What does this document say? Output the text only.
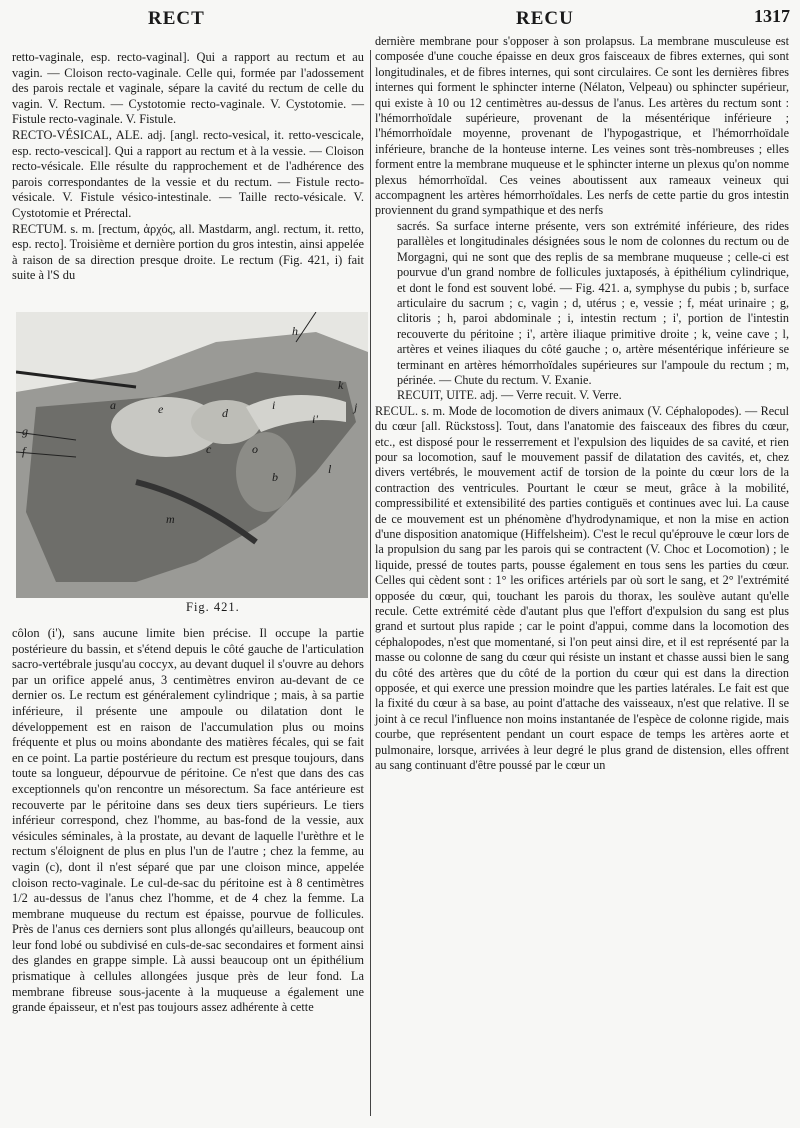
RECT	RECU	1317

retto-vaginale, esp. recto-vaginal]. Qui a rapport au rectum et au vagin. — Cloison recto-vaginale. Celle qui, formée par l'adossement des parois rectale et vaginale, sépare la cavité du rectum de celle du vagin. V. Rectum. — Cystotomie recto-vaginale. V. Cystotomie. — Fistule recto-vaginale. V. Fistule.

RECTO-VÉSICAL, ALE. adj. [angl. recto-vesical, it. retto-vescicale, esp. recto-vescical]. Qui a rapport au rectum et à la vessie. — Cloison recto-vésicale. Elle résulte du rapprochement et de l'adhérence des parois correspondantes de la vessie et du rectum. — Fistule recto-vésicale. V. Fistule vésico-intestinale. — Taille recto-vésicale. V. Cystotomie et Prérectal.

RECTUM. s. m. [rectum, ἀρχός, all. Mastdarm, angl. rectum, it. retto, esp. recto]. Troisième et dernière portion du gros intestin, ainsi appelée à raison de sa direction presque droite. Le rectum (Fig. 421, i) fait suite à l'S du

h
k
j
g
f
a	e	d
i
i'
c
b
o
l
m
Fig. 421.

côlon (i'), sans aucune limite bien précise. Il occupe la partie postérieure du bassin, et s'étend depuis le côté gauche de l'articulation sacro-vertébrale jusqu'au coccyx, au devant duquel il s'ouvre au dehors par un orifice appelé anus, 3 centimètres environ au-devant de ce dernier os. Le rectum est généralement cylindrique ; mais, à sa partie inférieure, il présente une ampoule ou dilatation dont le développement est en raison de l'accumulation plus ou moins fréquente et plus ou moins abondante des matières fécales, qui se fait en ce point. La partie postérieure du rectum est presque toujours, dans toute sa longueur, dépourvue de péritoine. Ce n'est que dans des cas exceptionnels qu'on rencontre un mésorectum. Sa face antérieure est recouverte par le péritoine dans ses deux tiers supérieurs. Le tiers inférieur correspond, chez l'homme, au bas-fond de la vessie, aux vésicules séminales, à la prostate, au devant de laquelle l'urèthre et le rectum s'éloignent de plus en plus l'un de l'autre ; chez la femme, au vagin (c), dont il n'est séparé que par une cloison mince, appelée cloison recto-vaginale. Le cul-de-sac du péritoine est à 8 centimètres 1/2 au-dessus de l'anus chez l'homme, et de 4 chez la femme. La membrane muqueuse du rectum est épaisse, pourvue de follicules. Près de l'anus ces derniers sont plus allongés qu'ailleurs, beaucoup ont leur fond lobé ou subdivisé en culs-de-sac secondaires et forment ainsi des glandes en grappe simple. Là aussi beaucoup ont un épithélium prismatique à cellules allongées jusque près de leur fond. La membrane fibreuse sous-jacente à la muqueuse a également une grande épaisseur, et n'est pas toujours assez adhérente à cette

dernière membrane pour s'opposer à son prolapsus. La membrane musculeuse est composée d'une couche épaisse en deux gros faisceaux de fibres externes, qui sont longitudinales, et de fibres internes, qui sont circulaires. Ce sont les dernières fibres internes qui forment le sphincter interne (Nélaton, Velpeau) ou sphincter supérieur, qui existe à 10 ou 12 centimètres au-dessus de l'anus. Les artères du rectum sont : l'hémorrhoïdale supérieure, provenant de la mésentérique inférieure ; l'hémorrhoïdale moyenne, provenant de l'hypogastrique, et l'hémorrhoïdale inférieure, branche de la honteuse interne. Les veines sont très-nombreuses ; elles forment entre la membrane muqueuse et le sphincter interne un plexus qu'on nomme plexus hémorrhoïdal. Ces veines aboutissent aux rameaux veineux qui accompagnent les artères hémorrhoïdales. Les nerfs de cette partie du gros intestin proviennent du grand sympathique et des nerfs

sacrés. Sa surface interne présente, vers son extrémité inférieure, des rides parallèles et longitudinales désignées sous le nom de colonnes du rectum ou de Morgagni, qui ne sont que des replis de sa membrane muqueuse ; celle-ci est pourvue d'un grand nombre de follicules juxtaposés, à épithélium cylindrique, et dont le fond est souvent lobé. — Fig. 421. a, symphyse du pubis ; b, surface articulaire du sacrum ; c, vagin ; d, utérus ; e, vessie ; f, méat urinaire ; g, clitoris ; h, paroi abdominale ; i, intestin rectum ; i', portion de l'intestin recouverte du péritoine ; i', artère iliaque primitive droite ; k, veine cave ; l, artères et veines iliaques du côté gauche ; o, artère mésentérique inférieure se terminant en artères hémorrhoïdales supérieures sur l'ampoule du rectum ; m, périnée. — Chute du rectum. V. Exanie.

RECUIT, UITE. adj. — Verre recuit. V. Verre.

RECUL. s. m. Mode de locomotion de divers animaux (V. Céphalopodes). — Recul du cœur [all. Rückstoss]. Tout, dans l'anatomie des faisceaux des fibres du cœur, etc., est disposé pour le resserrement et l'expulsion des liquides de sa cavité, et rien pour sa locomotion, sauf le mouvement passif de dilatation des cavités, et, chez divers vertébrés, le mouvement actif de torsion de la pointe du cœur lors de la contraction des ventricules. Pourtant le cœur se meut, grâce à la mobilité, compressibilité et extensibilité des parties contiguës et continues avec lui. La cause de ce mouvement est un phénomène d'hydrodynamique, et non la mise en action d'une disposition anatomique (Hiffelsheim). C'est le recul qu'éprouve le cœur lors de la propulsion du sang par les parois qui se contractent (V. Choc et Locomotion) ; le liquide, pressé de toutes parts, pousse également en tous sens les parties du cœur. Celles qui cèdent sont : 1° les orifices artériels par où sort le sang, et 2° l'extrémité opposée du cœur, qui, touchant les parois du thorax, les soulève autant qu'elle recule. Cette extrémité cède d'autant plus que l'effort d'expulsion du sang est plus grand et surtout plus rapide ; car le point d'appui, comme dans la locomotion des céphalopodes, n'est que momentané, si l'on peut ainsi dire, et il est représenté par la masse ou colonne de sang du cœur qui résiste un instant et chasse aussi bien le sang du côté des artères que du côté de la portion du cœur qui est dans la direction opposée, et qui exerce une pression moindre que les parties latérales. Le fait est que la fixité du cœur à sa base, au point d'attache des vaisseaux, n'est que relative. Il se joint à ce recul l'influence non moins instantanée de l'espèce de colonne rigide, mais courbe, que représentent pendant un court espace de temps les artères aorte et pulmonaire, lorsque, arrivées à leur degré le plus grand de distension, elles offrent au sang continuant d'être poussé par le cœur un
